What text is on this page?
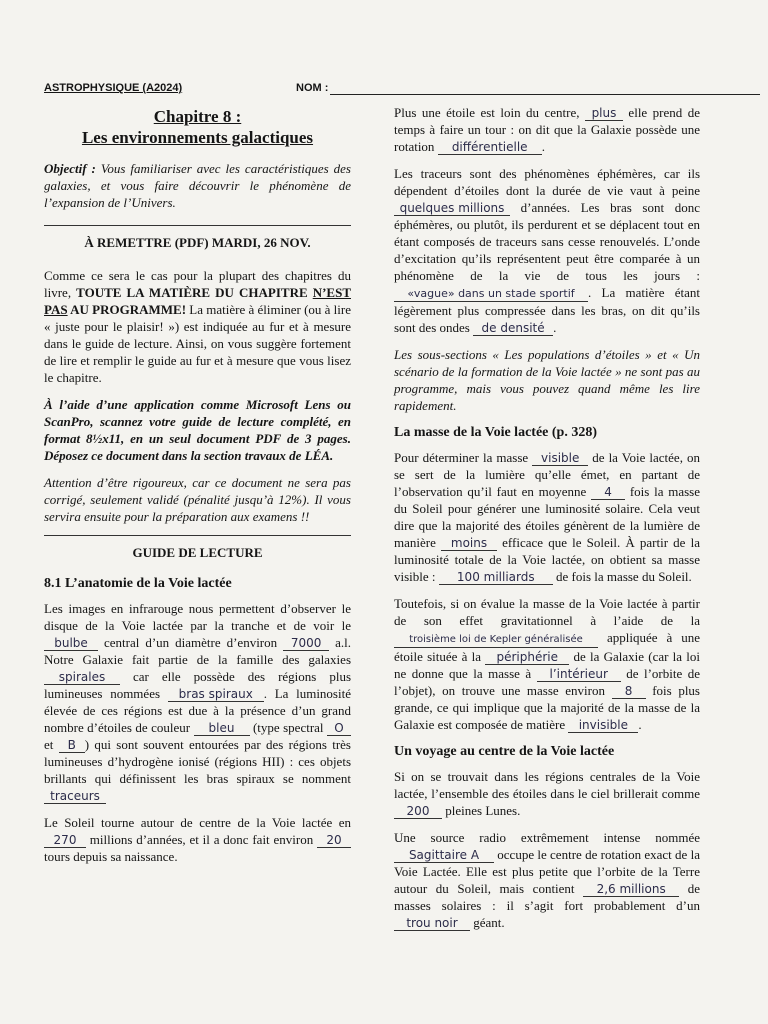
ASTROPHYSIQUE (A2024)	NOM :
Chapitre 8 :
Les environnements galactiques

Objectif : Vous familiariser avec les caractéristiques des galaxies, et vous faire découvrir le phénomène de l’expansion de l’Univers.

À REMETTRE (PDF) MARDI, 26 NOV.

Comme ce sera le cas pour la plupart des chapitres du livre, TOUTE LA MATIÈRE DU CHAPITRE N’EST PAS AU PROGRAMME! La matière à éliminer (ou à lire « juste pour le plaisir! ») est indiquée au fur et à mesure dans le guide de lecture. Ainsi, on vous suggère fortement de lire et remplir le guide au fur et à mesure que vous lisez le chapitre.

À l’aide d’une application comme Microsoft Lens ou ScanPro, scannez votre guide de lecture complété, en format 8½x11, en un seul document PDF de 3 pages. Déposez ce document dans la section travaux de LÉA.

Attention d’être rigoureux, car ce document ne sera pas corrigé, seulement validé (pénalité jusqu’à 12%). Il vous servira ensuite pour la préparation aux examens !!

GUIDE DE LECTURE
8.1 L’anatomie de la Voie lactée

Les images en infrarouge nous permettent d’observer le disque de la Voie lactée par la tranche et de voir le bulbe central d’un diamètre d’environ 7000 a.l. Notre Galaxie fait partie de la famille des galaxies spirales car elle possède des régions plus lumineuses nommées bras spiraux . La luminosité élevée de ces régions est due à la présence d’un grand nombre d’étoiles de couleur bleu (type spectral O et B ) qui sont souvent entourées par des régions très lumineuses d’hydrogène ionisé (régions HII) : ces objets brillants qui définissent les bras spiraux se nomment traceurs

Le Soleil tourne autour de centre de la Voie lactée en 270 millions d’années, et il a donc fait environ 20 tours depuis sa naissance.

Plus une étoile est loin du centre, plus elle prend de temps à faire un tour : on dit que la Galaxie possède une rotation différentielle .

Les traceurs sont des phénomènes éphémères, car ils dépendent d’étoiles dont la durée de vie vaut à peine quelques millions d’années. Les bras sont donc éphémères, ou plutôt, ils perdurent et se déplacent tout en étant composés de traceurs sans cesse renouvelés. L’onde d’excitation qu’ils représentent peut être comparée à un phénomène de la vie de tous les jours : «vague» dans un stade sportif . La matière étant légèrement plus compressée dans les bras, on dit qu’ils sont des ondes de densité .

Les sous-sections « Les populations d’étoiles » et « Un scénario de la formation de la Voie lactée » ne sont pas au programme, mais vous pouvez quand même les lire rapidement.

La masse de la Voie lactée (p. 328)

Pour déterminer la masse visible de la Voie lactée, on se sert de la lumière qu’elle émet, en partant de l’observation qu’il faut en moyenne 4 fois la masse du Soleil pour générer une luminosité solaire. Cela veut dire que la majorité des étoiles génèrent de la lumière de manière moins efficace que le Soleil. À partir de la luminosité totale de la Voie lactée, on obtient sa masse visible : 100 milliards de fois la masse du Soleil.

Toutefois, si on évalue la masse de la Voie lactée à partir de son effet gravitationnel à l’aide de la troisième loi de Kepler généralisée appliquée à une étoile située à la périphérie de la Galaxie (car la loi ne donne que la masse à l’intérieur de l’orbite de l’objet), on trouve une masse environ 8 fois plus grande, ce qui implique que la majorité de la masse de la Galaxie est composée de matière invisible .

Un voyage au centre de la Voie lactée

Si on se trouvait dans les régions centrales de la Voie lactée, l’ensemble des étoiles dans le ciel brillerait comme 200 pleines Lunes.

Une source radio extrêmement intense nommée Sagittaire A occupe le centre de rotation exact de la Voie Lactée. Elle est plus petite que l’orbite de la Terre autour du Soleil, mais contient 2,6 millions de masses solaires : il s’agit fort probablement d’un trou noir géant.
